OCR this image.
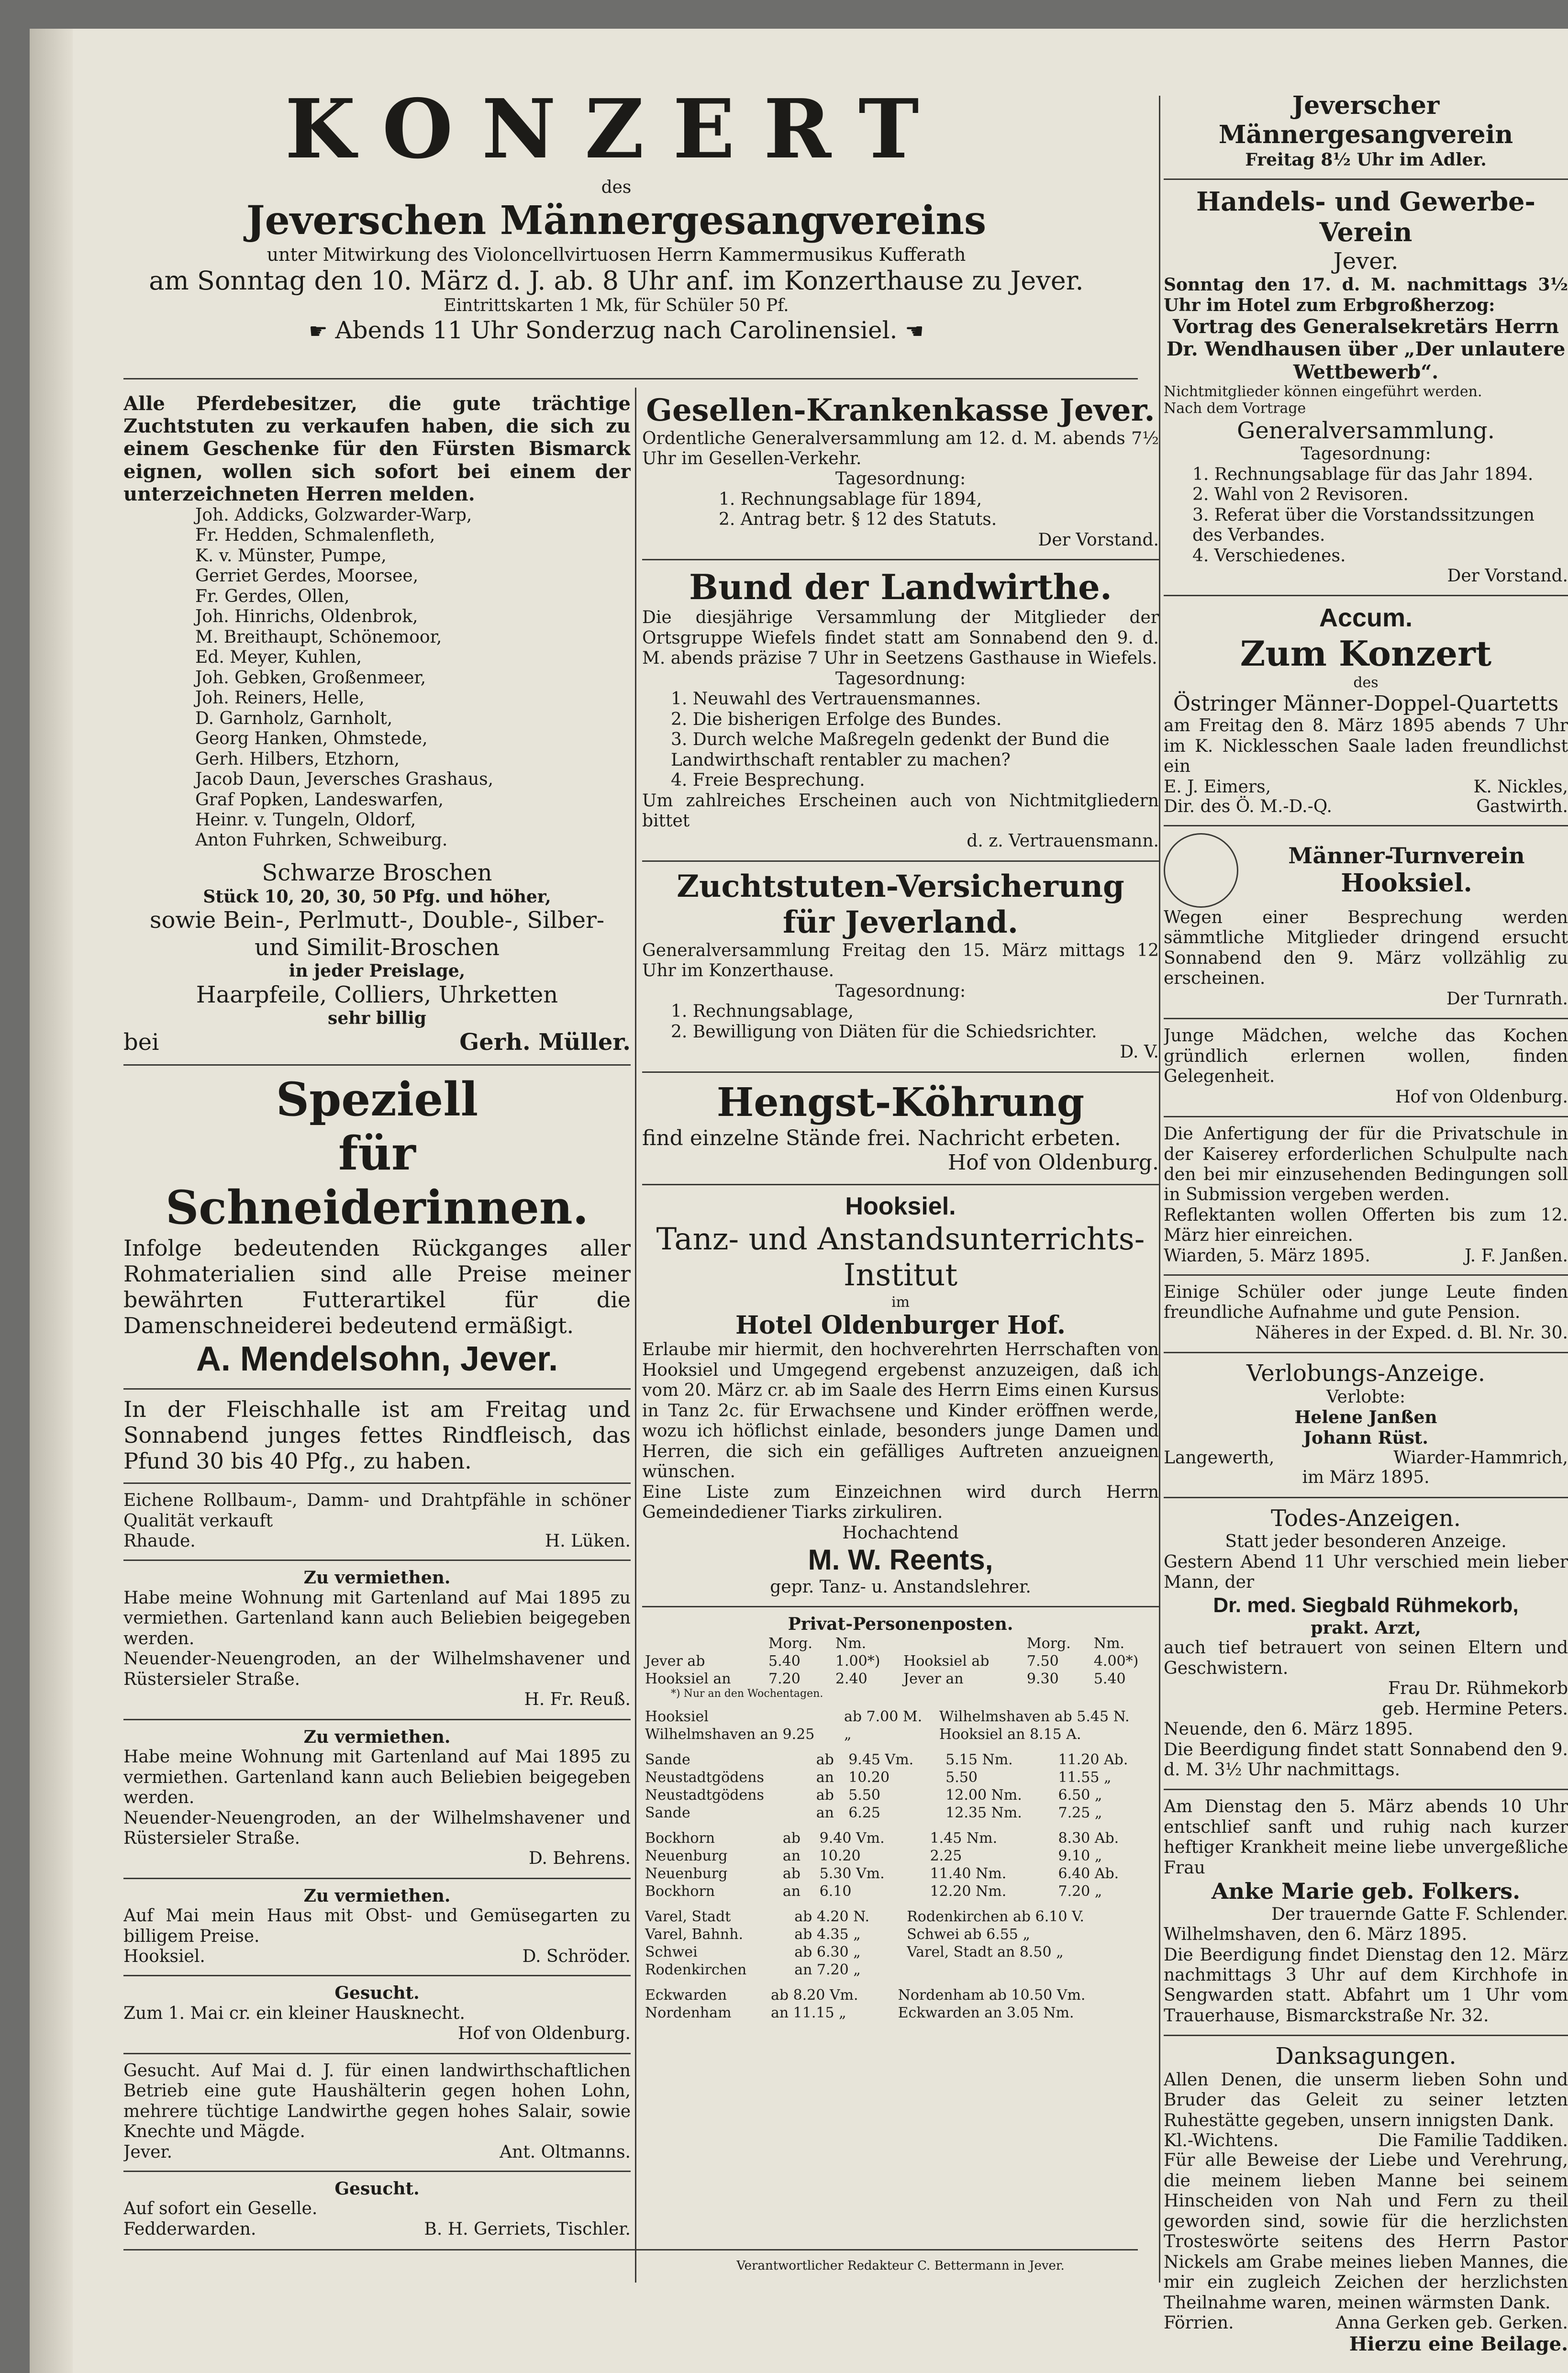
KONZERT
des
Jeverschen Männergesangvereins
unter Mitwirkung des Violoncellvirtuosen Herrn Kammermusikus Kufferath
am Sonntag den 10. März d. J. ab. 8 Uhr anf. im Konzerthause zu Jever.
Eintrittskarten 1 Mk, für Schüler 50 Pf.
☛ Abends 11 Uhr Sonderzug nach Carolinensiel. ☚
Alle Pferdebesitzer, die gute trächtige Zuchtstuten zu verkaufen haben, die sich zu einem Geschenke für den Fürsten Bismarck eignen, wollen sich sofort bei einem der unterzeichneten Herren melden.
Joh. Addicks, Golzwarder-Warp,
Fr. Hedden, Schmalenfleth,
K. v. Münster, Pumpe,
Gerriet Gerdes, Moorsee,
Fr. Gerdes, Ollen,
Joh. Hinrichs, Oldenbrok,
M. Breithaupt, Schönemoor,
Ed. Meyer, Kuhlen,
Joh. Gebken, Großenmeer,
Joh. Reiners, Helle,
D. Garnholz, Garnholt,
Georg Hanken, Ohmstede,
Gerh. Hilbers, Etzhorn,
Jacob Daun, Jeversches Grashaus,
Graf Popken, Landeswarfen,
Heinr. v. Tungeln, Oldorf,
Anton Fuhrken, Schweiburg.
Schwarze Broschen
Stück 10, 20, 30, 50 Pfg. und höher,
sowie Bein-, Perlmutt-, Double-, Silber-
und Similit-Broschen
in jeder Preislage,
Haarpfeile, Colliers, Uhrketten
sehr billig
bei	Gerh. Müller.
Speziell
für Schneiderinnen.
Infolge bedeutenden Rückganges aller Rohmaterialien sind alle Preise meiner bewährten Futterartikel für die Damenschneiderei bedeutend ermäßigt.
A. Mendelsohn, Jever.
In der Fleischhalle ist am Freitag und Sonnabend junges fettes Rindfleisch, das Pfund 30 bis 40 Pfg., zu haben.
Eichene Rollbaum-, Damm- und Drahtpfähle in schöner Qualität verkauft
Rhaude.	H. Lüken.
Zu vermiethen.
Habe meine Wohnung mit Gartenland auf Mai 1895 zu vermiethen. Gartenland kann auch Beliebien beigegeben werden.
Neuender-Neuengroden, an der Wilhelmshavener und Rüstersieler Straße.
H. Fr. Reuß.
Zu vermiethen.
Habe meine Wohnung mit Gartenland auf Mai 1895 zu vermiethen. Gartenland kann auch Beliebien beigegeben werden.
Neuender-Neuengroden, an der Wilhelmshavener und Rüstersieler Straße.
D. Behrens.
Zu vermiethen.
Auf Mai mein Haus mit Obst- und Gemüsegarten zu billigem Preise.
Hooksiel.	D. Schröder.
Gesucht.
Zum 1. Mai cr. ein kleiner Hausknecht.
Hof von Oldenburg.
Gesucht. Auf Mai d. J. für einen landwirthschaftlichen Betrieb eine gute Haushälterin gegen hohen Lohn, mehrere tüchtige Landwirthe gegen hohes Salair, sowie Knechte und Mägde.
Jever.	Ant. Oltmanns.
Gesucht.
Auf sofort ein Geselle.
Fedderwarden.	B. H. Gerriets, Tischler.
Gesellen-Krankenkasse Jever.
Ordentliche Generalversammlung am 12. d. M. abends 7½ Uhr im Gesellen-Verkehr.
Tagesordnung:
1. Rechnungsablage für 1894,
2. Antrag betr. § 12 des Statuts.
Der Vorstand.
Bund der Landwirthe.
Die diesjährige Versammlung der Mitglieder der Ortsgruppe Wiefels findet statt am Sonnabend den 9. d. M. abends präzise 7 Uhr in Seetzens Gasthause in Wiefels.
Tagesordnung:
1. Neuwahl des Vertrauensmannes.
2. Die bisherigen Erfolge des Bundes.
3. Durch welche Maßregeln gedenkt der Bund die Landwirthschaft rentabler zu machen?
4. Freie Besprechung.
Um zahlreiches Erscheinen auch von Nichtmitgliedern bittet
d. z. Vertrauensmann.
Zuchtstuten-Versicherung
für Jeverland.
Generalversammlung Freitag den 15. März mittags 12 Uhr im Konzerthause.
Tagesordnung:
1. Rechnungsablage,
2. Bewilligung von Diäten für die Schiedsrichter.
D. V.
Hengst-Köhrung
find einzelne Stände frei. Nachricht erbeten.
Hof von Oldenburg.
Hooksiel.
Tanz- und Anstandsunterrichts-
Institut
im
Hotel Oldenburger Hof.
Erlaube mir hiermit, den hochverehrten Herrschaften von Hooksiel und Umgegend ergebenst anzuzeigen, daß ich vom 20. März cr. ab im Saale des Herrn Eims einen Kursus in Tanz 2c. für Erwachsene und Kinder eröffnen werde, wozu ich höflichst einlade, besonders junge Damen und Herren, die sich ein gefälliges Auftreten anzueignen wünschen.
Eine Liste zum Einzeichnen wird durch Herrn Gemeindediener Tiarks zirkuliren.
Hochachtend
M. W. Reents,
gepr. Tanz- u. Anstandslehrer.
Privat-Personenposten.
	Morg.	Nm.		Morg.	Nm.
Jever ab	5.40	1.00*)	Hooksiel ab	7.50	4.00*)
Hooksiel an	7.20	2.40	Jever an	9.30	5.40
*) Nur an den Wochentagen.
Hooksiel	ab 7.00 M.	Wilhelmshaven ab 5.45 N.
Wilhelmshaven an 9.25	„	Hooksiel an 8.15 A.
Sande	ab	9.45 Vm.	5.15 Nm.	11.20 Ab.
Neustadtgödens	an	10.20	5.50	11.55 „
Neustadtgödens	ab	5.50	12.00 Nm.	6.50 „
Sande	an	6.25	12.35 Nm.	7.25 „
Bockhorn	ab	9.40 Vm.	1.45 Nm.	8.30 Ab.
Neuenburg	an	10.20	2.25	9.10 „
Neuenburg	ab	5.30 Vm.	11.40 Nm.	6.40 Ab.
Bockhorn	an	6.10	12.20 Nm.	7.20 „
Varel, Stadt	ab 4.20 N.	Rodenkirchen ab 6.10 V.
Varel, Bahnh.	ab 4.35 „	Schwei ab 6.55 „
Schwei	ab 6.30 „	Varel, Stadt an 8.50 „
Rodenkirchen	an 7.20 „	
Eckwarden	ab 8.20 Vm.	Nordenham ab 10.50 Vm.
Nordenham	an 11.15 „	Eckwarden an 3.05 Nm.
Verantwortlicher Redakteur C. Bettermann in Jever.
Jeverscher Männergesangverein
Freitag 8½ Uhr im Adler.
Handels- und Gewerbe-Verein
Jever.
Sonntag den 17. d. M. nachmittags 3½ Uhr im Hotel zum Erbgroßherzog:
Vortrag des Generalsekretärs Herrn Dr. Wendhausen über „Der unlautere Wettbewerb“.
Nichtmitglieder können eingeführt werden.
Nach dem Vortrage
Generalversammlung.
Tagesordnung:
1. Rechnungsablage für das Jahr 1894.
2. Wahl von 2 Revisoren.
3. Referat über die Vorstandssitzungen des Verbandes.
4. Verschiedenes.
Der Vorstand.
Accum.
Zum Konzert
des
Östringer Männer-Doppel-Quartetts
am Freitag den 8. März 1895 abends 7 Uhr im K. Nicklesschen Saale laden freundlichst ein
E. J. Eimers,	K. Nickles,
Dir. des Ö. M.-D.-Q.	Gastwirth.
Männer-Turnverein
Hooksiel.
Wegen einer Besprechung werden sämmtliche Mitglieder dringend ersucht Sonnabend den 9. März vollzählig zu erscheinen.
Der Turnrath.
Junge Mädchen, welche das Kochen gründlich erlernen wollen, finden Gelegenheit.
Hof von Oldenburg.
Die Anfertigung der für die Privatschule in der Kaiserey erforderlichen Schulpulte nach den bei mir einzusehenden Bedingungen soll in Submission vergeben werden.
Reflektanten wollen Offerten bis zum 12. März hier einreichen.
Wiarden, 5. März 1895.	J. F. Janßen.
Einige Schüler oder junge Leute finden freundliche Aufnahme und gute Pension.
Näheres in der Exped. d. Bl. Nr. 30.
Verlobungs-Anzeige.
Verlobte:
Helene Janßen
Johann Rüst.
Langewerth,	Wiarder-Hammrich,
im März 1895.
Todes-Anzeigen.
Statt jeder besonderen Anzeige.
Gestern Abend 11 Uhr verschied mein lieber Mann, der
Dr. med. Siegbald Rühmekorb,
prakt. Arzt,
auch tief betrauert von seinen Eltern und Geschwistern.
Frau Dr. Rühmekorb
geb. Hermine Peters.
Neuende, den 6. März 1895.
Die Beerdigung findet statt Sonnabend den 9. d. M. 3½ Uhr nachmittags.
Am Dienstag den 5. März abends 10 Uhr entschlief sanft und ruhig nach kurzer heftiger Krankheit meine liebe unvergeßliche Frau
Anke Marie geb. Folkers.
Der trauernde Gatte F. Schlender.
Wilhelmshaven, den 6. März 1895.
Die Beerdigung findet Dienstag den 12. März nachmittags 3 Uhr auf dem Kirchhofe in Sengwarden statt. Abfahrt um 1 Uhr vom Trauerhause, Bismarckstraße Nr. 32.
Danksagungen.
Allen Denen, die unserm lieben Sohn und Bruder das Geleit zu seiner letzten Ruhestätte gegeben, unsern innigsten Dank.
Kl.-Wichtens.	Die Familie Taddiken.
Für alle Beweise der Liebe und Verehrung, die meinem lieben Manne bei seinem Hinscheiden von Nah und Fern zu theil geworden sind, sowie für die herzlichsten Trosteswörte seitens des Herrn Pastor Nickels am Grabe meines lieben Mannes, die mir ein zugleich Zeichen der herzlichsten Theilnahme waren, meinen wärmsten Dank.
Förrien.	Anna Gerken geb. Gerken.
Hierzu eine Beilage.
